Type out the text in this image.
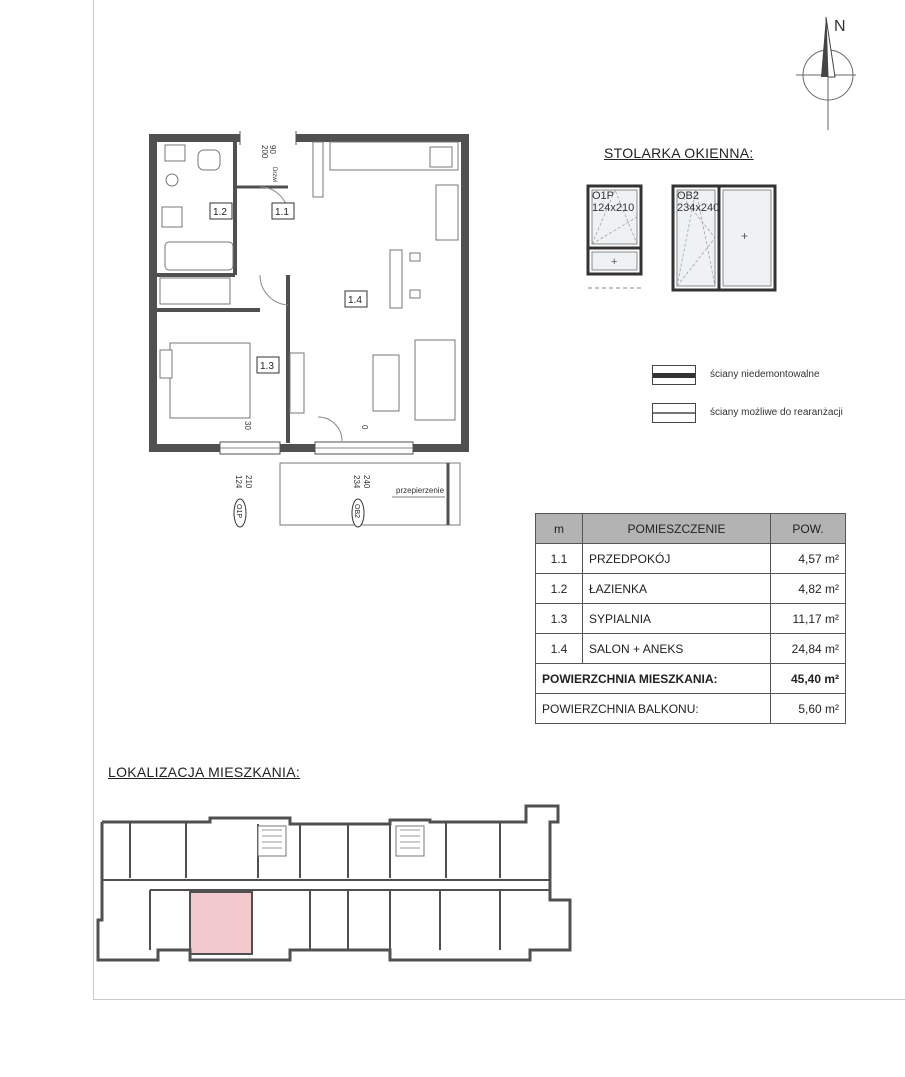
N
STOLARKA OKIENNA:
+
O1P
124x210
+
OB2
234x240
ściany niedemontowalne
ściany możliwe do rearanżacji
1.2	1.1
1.4
1.3
90
200
Drzwi
30	0
124 210	234 240
O1P	OB2
przepierzenie
m	POMIESZCZENIE	POW.
1.1	PRZEDPOKÓJ	4,57 m²
1.2	ŁAZIENKA	4,82 m²
1.3	SYPIALNIA	11,17 m²
1.4	SALON + ANEKS	24,84 m²
POWIERZCHNIA MIESZKANIA:		45,40 m²
POWIERZCHNIA BALKONU:		5,60 m²
LOKALIZACJA MIESZKANIA:
